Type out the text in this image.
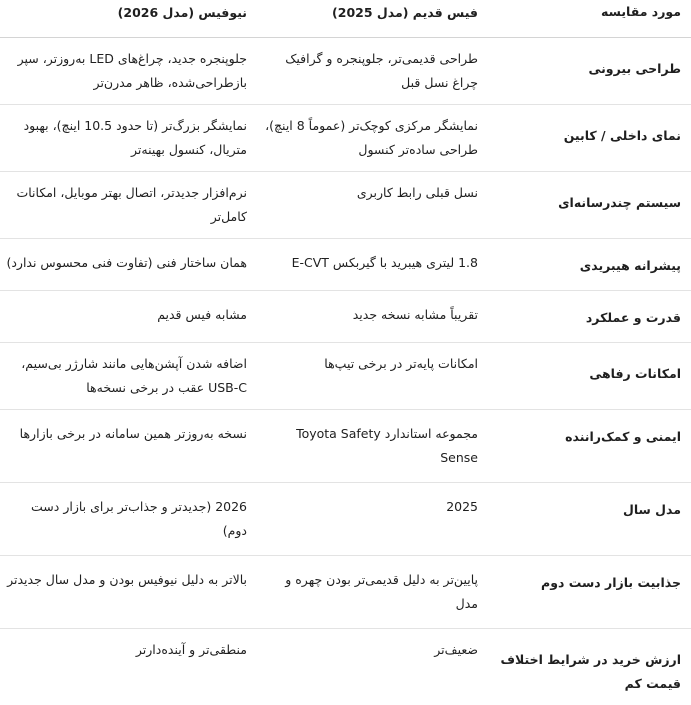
مورد مقایسه	فیس قدیم (مدل 2025)	نیوفیس (مدل 2026)
طراحی بیرونی	طراحی قدیمی‌تر، جلوپنجره و گرافیک چراغ نسل قبل	جلوپنجره جدید، چراغ‌های LED به‌روزتر، سپر بازطراحی‌شده، ظاهر مدرن‌تر
نمای داخلی / کابین	نمایشگر مرکزی کوچک‌تر (عموماً 8 اینچ)، طراحی ساده‌تر کنسول	نمایشگر بزرگ‌تر (تا حدود 10.5 اینچ)، بهبود متریال، کنسول بهینه‌تر
سیستم چندرسانه‌ای	نسل قبلی رابط کاربری	نرم‌افزار جدیدتر، اتصال بهتر موبایل، امکانات کامل‌تر
پیشرانه هیبریدی	1.8 لیتری هیبرید با گیربکس E-CVT	همان ساختار فنی (تفاوت فنی محسوس ندارد)
قدرت و عملکرد	تقریباً مشابه نسخه جدید	مشابه فیس قدیم
امکانات رفاهی	امکانات پایه‌تر در برخی تیپ‌ها	اضافه شدن آپشن‌هایی مانند شارژر بی‌سیم، USB-C عقب در برخی نسخه‌ها
ایمنی و کمک‌راننده	مجموعه استاندارد Toyota Safety Sense	نسخه به‌روزتر همین سامانه در برخی بازارها
مدل سال	2025	2026 (جدیدتر و جذاب‌تر برای بازار دست دوم)
جذابیت بازار دست دوم	پایین‌تر به دلیل قدیمی‌تر بودن چهره و مدل	بالاتر به دلیل نیوفیس بودن و مدل سال جدیدتر
ارزش خرید در شرایط اختلاف قیمت کم	ضعیف‌تر	منطقی‌تر و آینده‌دارتر
